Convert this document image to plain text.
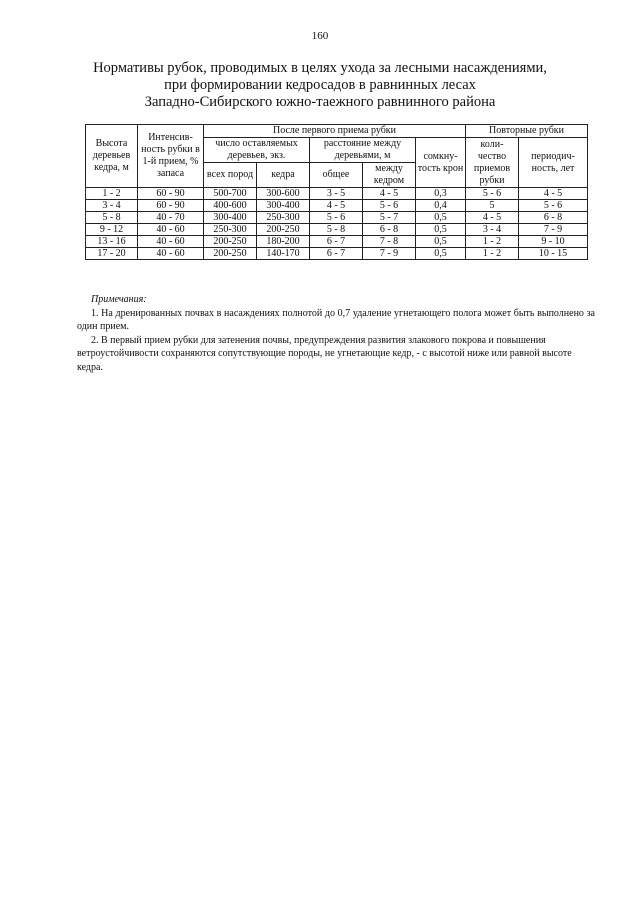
160
Нормативы рубок, проводимых в целях ухода за лесными насаждениями,
при формировании кедросадов в равнинных лесах
Западно-Сибирского южно-таежного равнинного района
Высота деревьев кедра, м	Интенсив-ность рубки в 1-й прием, % запаса	После первого приема рубки					Повторные рубки	
		число оставляемых деревьев, экз.		расстояние между деревьями, м		сомкну-тость крон	коли-чество приемов рубки	периодич-ность, лет
		всех пород	кедра	общее	между кедром			
1 - 2	60 - 90	500-700	300-600	3 - 5	4 - 5	0,3	5 - 6	4 - 5
3 - 4	60 - 90	400-600	300-400	4 - 5	5 - 6	0,4	5	5 - 6
5 - 8	40 - 70	300-400	250-300	5 - 6	5 - 7	0,5	4 - 5	6 - 8
9 - 12	40 - 60	250-300	200-250	5 - 8	6 - 8	0,5	3 - 4	7 - 9
13 - 16	40 - 60	200-250	180-200	6 - 7	7 - 8	0,5	1 - 2	9 - 10
17 - 20	40 - 60	200-250	140-170	6 - 7	7 - 9	0,5	1 - 2	10 - 15
Примечания:

1. На дренированных почвах в насаждениях полнотой до 0,7 удаление угнетающего полога может быть выполнено за один прием.

2. В первый прием рубки для затенения почвы, предупреждения развития злакового покрова и повышения ветроустойчивости сохраняются сопутствующие породы, не угнетающие кедр, - с высотой ниже или равной высоте кедра.
